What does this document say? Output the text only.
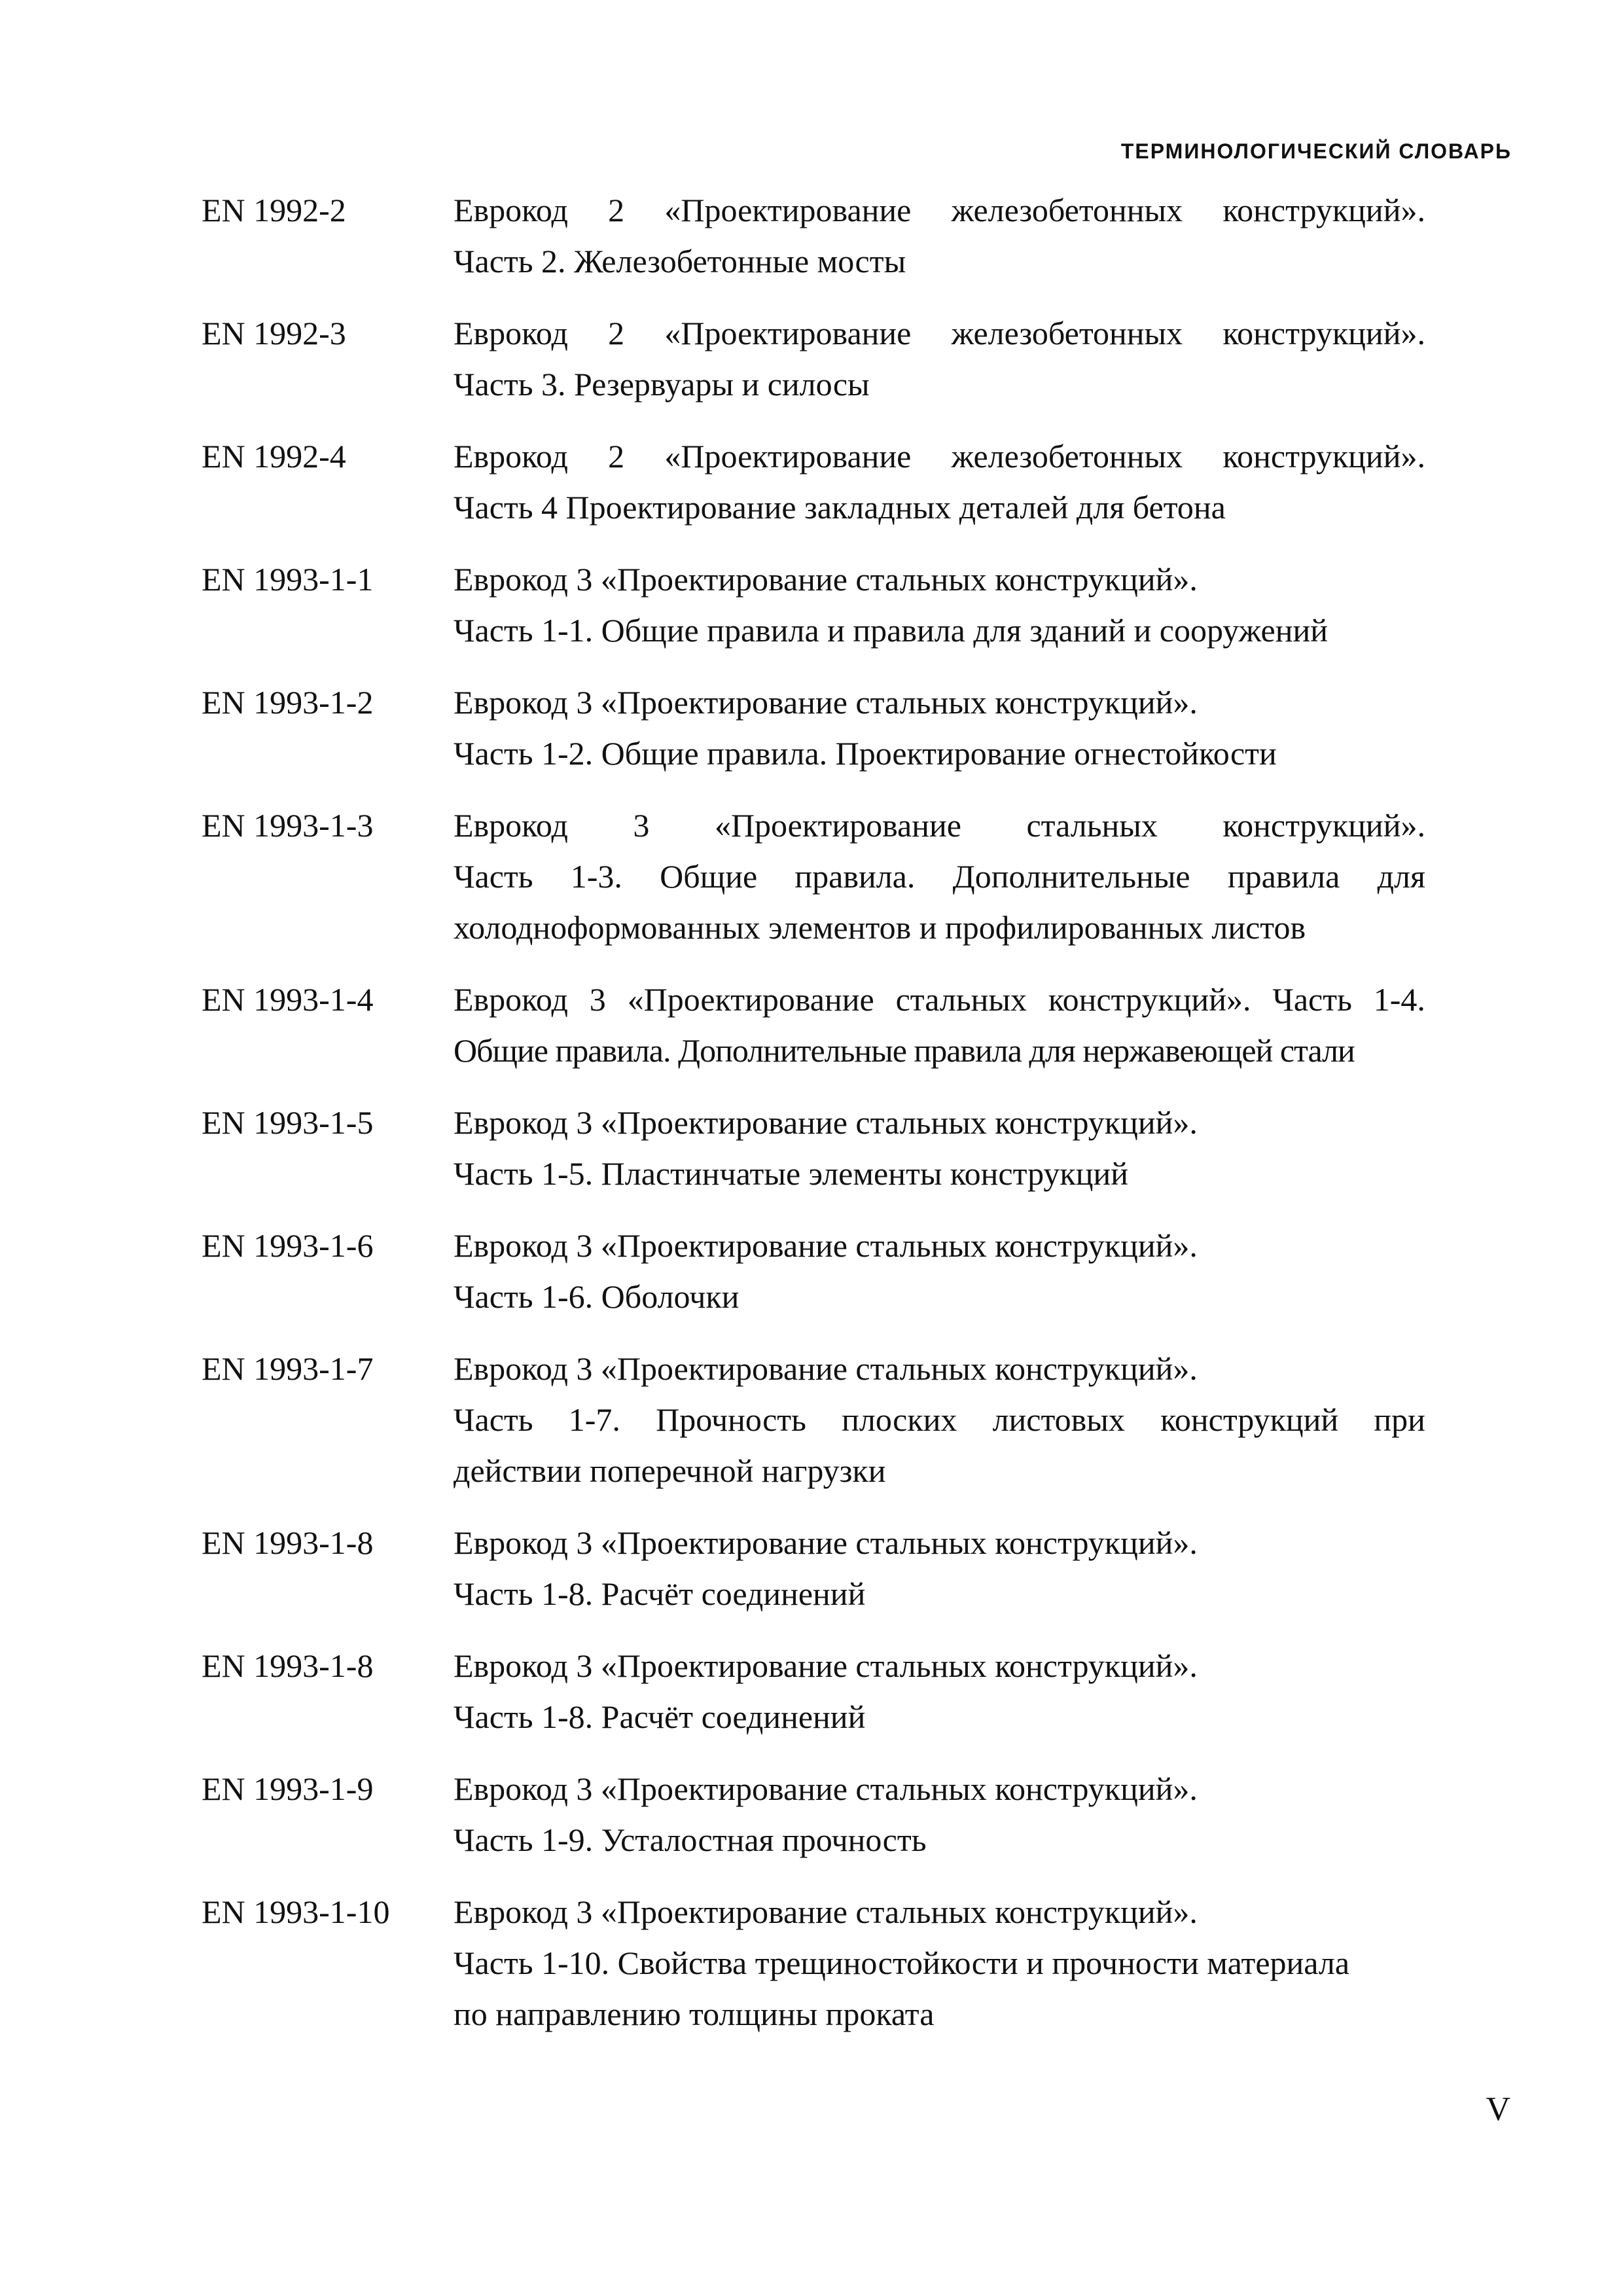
ТЕРМИНОЛОГИЧЕСКИЙ СЛОВАРЬ
EN 1992-2	Еврокод 2 «Проектирование железобетонных конструкций».
Часть 2. Железобетонные мосты
EN 1992-3	Еврокод 2 «Проектирование железобетонных конструкций».
Часть 3. Резервуары и силосы
EN 1992-4	Еврокод 2 «Проектирование железобетонных конструкций».
Часть 4 Проектирование закладных деталей для бетона
EN 1993-1-1	Еврокод 3 «Проектирование стальных конструкций».
Часть 1-1. Общие правила и правила для зданий и сооружений
EN 1993-1-2	Еврокод 3 «Проектирование стальных конструкций».
Часть 1-2. Общие правила. Проектирование огнестойкости
EN 1993-1-3	Еврокод 3 «Проектирование стальных конструкций».
Часть 1-3. Общие правила. Дополнительные правила для
холодноформованных элементов и профилированных листов
EN 1993-1-4	Еврокод 3 «Проектирование стальных конструкций». Часть 1-4.
Общие правила. Дополнительные правила для нержавеющей стали
EN 1993-1-5	Еврокод 3 «Проектирование стальных конструкций».
Часть 1-5. Пластинчатые элементы конструкций
EN 1993-1-6	Еврокод 3 «Проектирование стальных конструкций».
Часть 1-6. Оболочки
EN 1993-1-7	Еврокод 3 «Проектирование стальных конструкций».
Часть 1-7. Прочность плоских листовых конструкций при
действии поперечной нагрузки
EN 1993-1-8	Еврокод 3 «Проектирование стальных конструкций».
Часть 1-8. Расчёт соединений
EN 1993-1-8	Еврокод 3 «Проектирование стальных конструкций».
Часть 1-8. Расчёт соединений
EN 1993-1-9	Еврокод 3 «Проектирование стальных конструкций».
Часть 1-9. Усталостная прочность
EN 1993-1-10	Еврокод 3 «Проектирование стальных конструкций».
Часть 1-10. Свойства трещиностойкости и прочности материала
по направлению толщины проката
V
